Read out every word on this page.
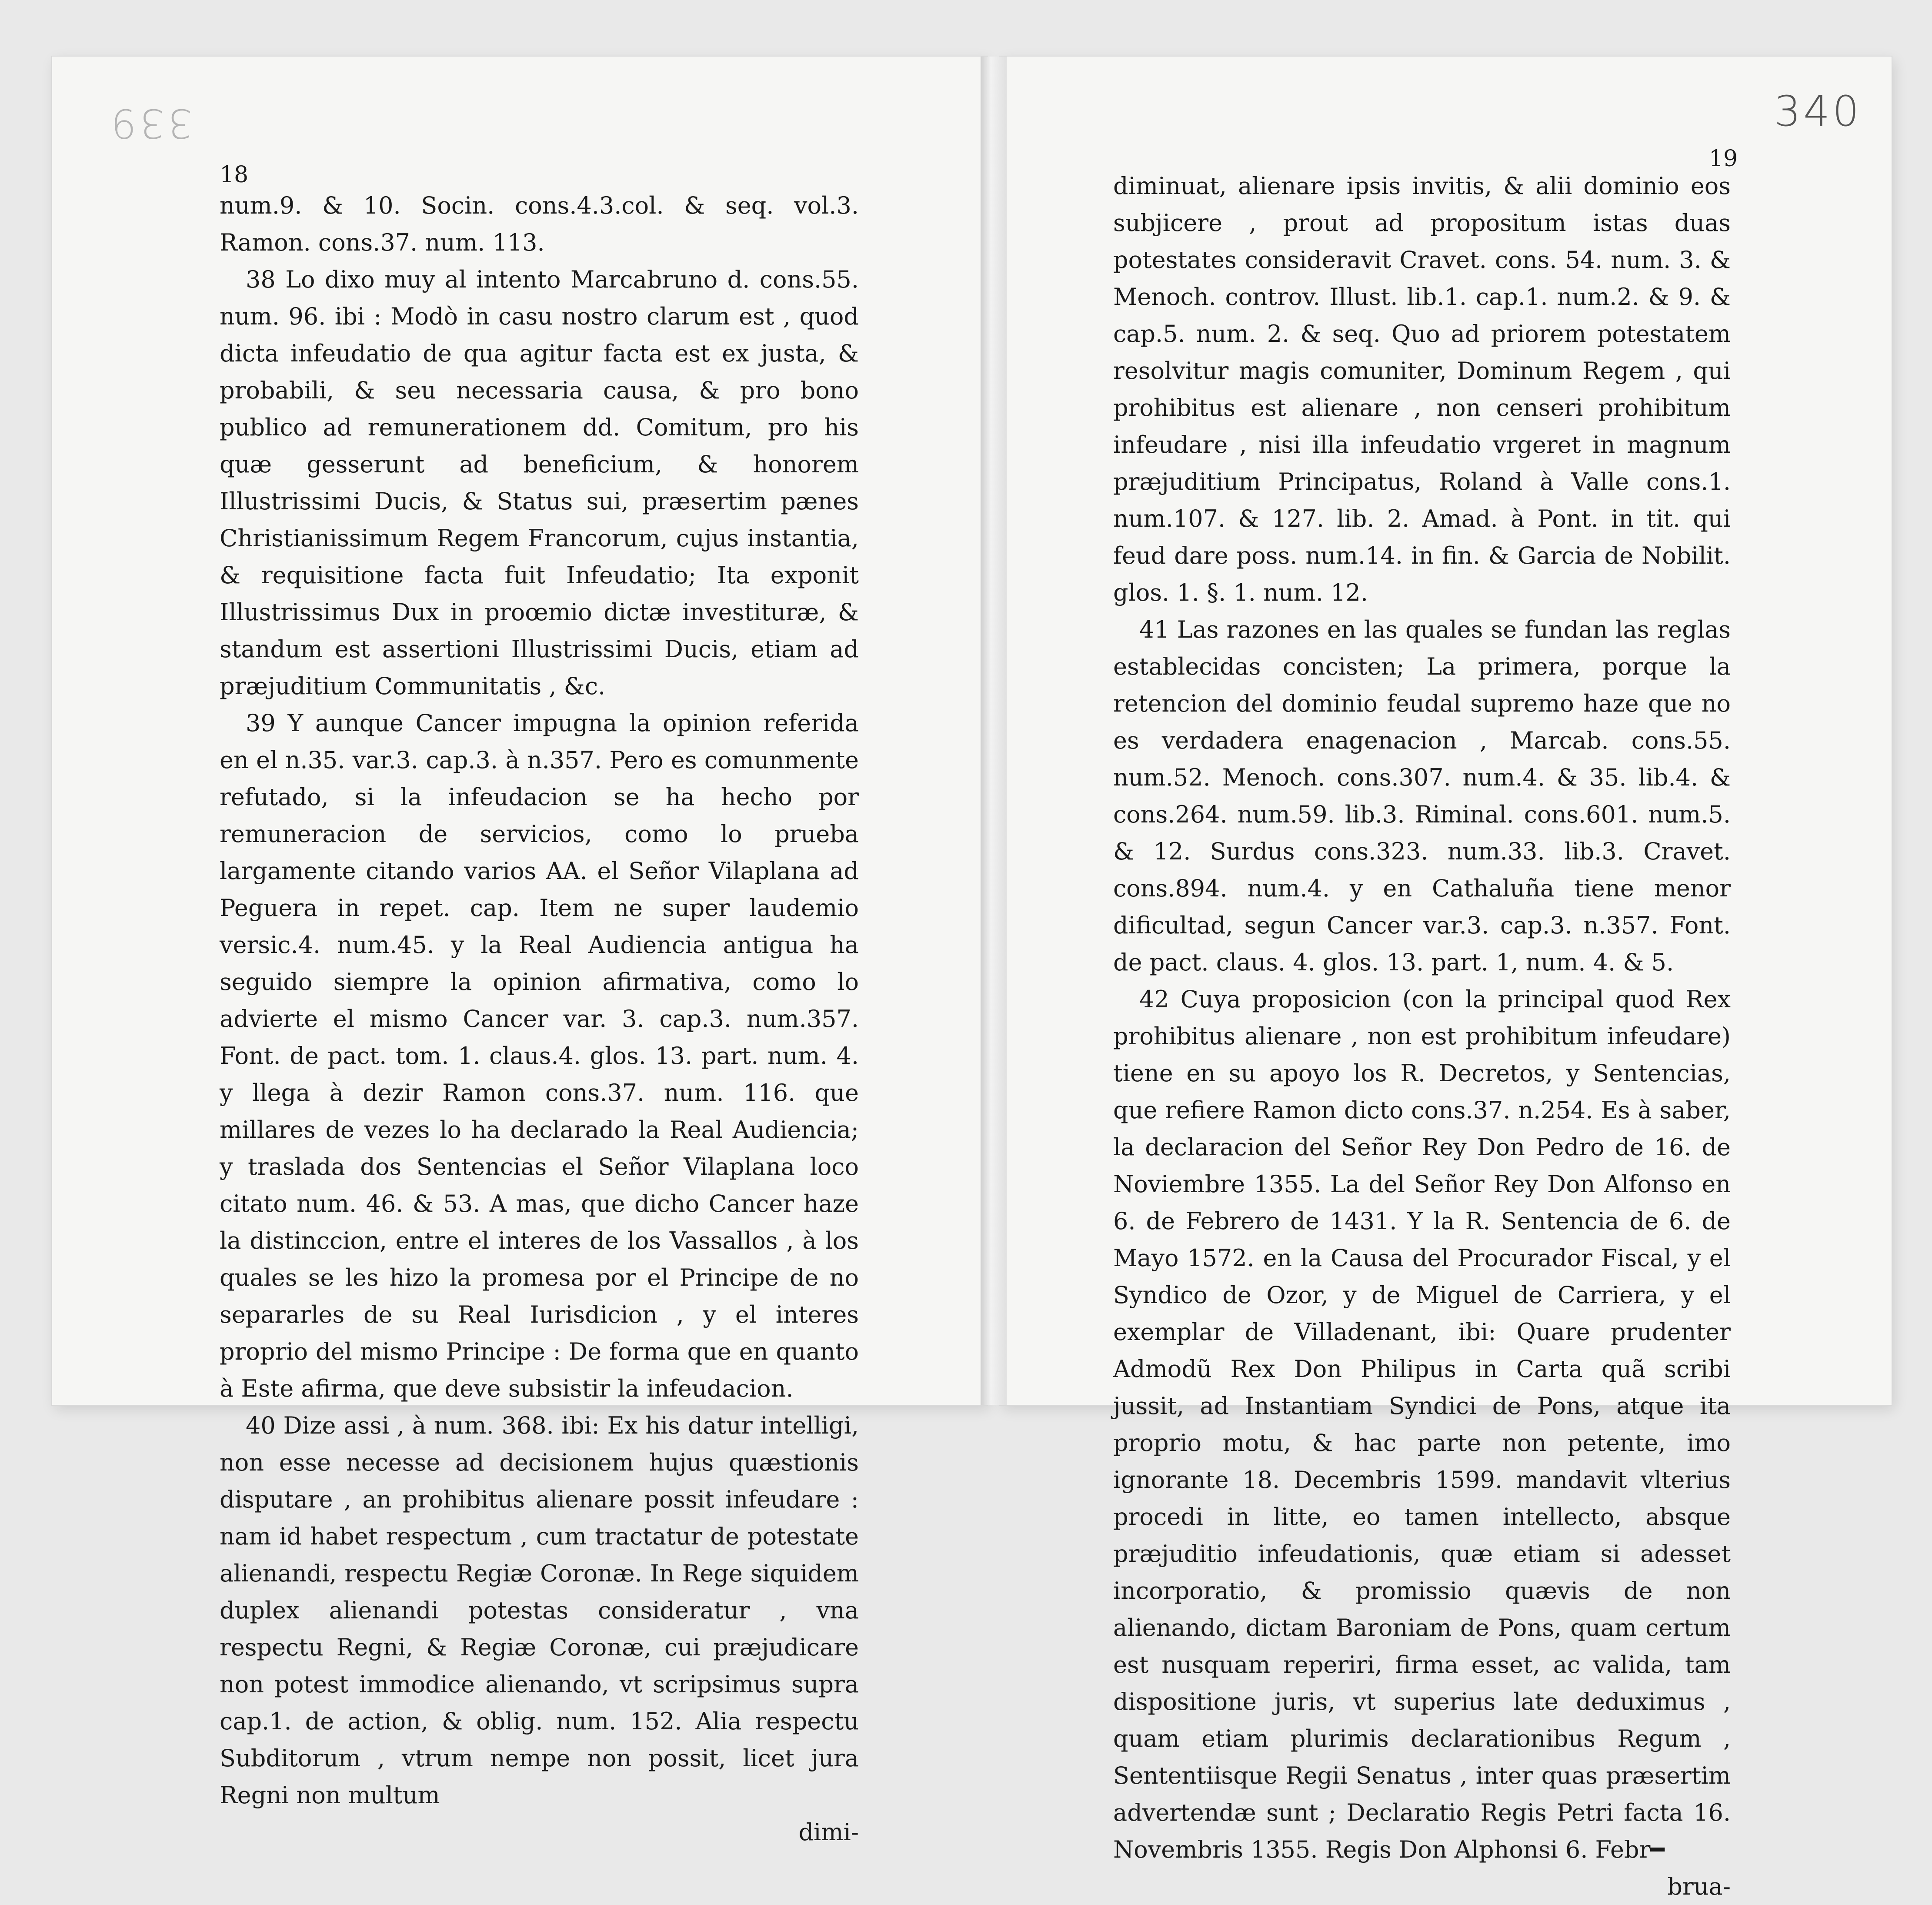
339	340
18
19

num.9. & 10. Socin. cons.4.3.col. & seq. vol.3. Ramon. cons.37. num. 113.

38 Lo dixo muy al intento Marcabruno d. cons.55. num. 96. ibi : Modò in casu nostro clarum est , quod dicta infeudatio de qua agitur facta est ex justa, & probabili, & seu necessaria causa, & pro bono publico ad remunerationem dd. Comitum, pro his quæ gesserunt ad beneficium, & honorem Illustrissimi Ducis, & Status sui, præsertim pænes Christianissimum Regem Francorum, cujus instantia, & requisitione facta fuit Infeudatio; Ita exponit Illustrissimus Dux in proœmio dictæ investituræ, & standum est assertioni Illustrissimi Ducis, etiam ad præjuditium Communitatis , &c.

39 Y aunque Cancer impugna la opinion referida en el n.35. var.3. cap.3. à n.357. Pero es comunmente refutado, si la infeudacion se ha hecho por remuneracion de servicios, como lo prueba largamente citando varios AA. el Señor Vilaplana ad Peguera in repet. cap. Item ne super laudemio versic.4. num.45. y la Real Audiencia antigua ha seguido siempre la opinion afirmativa, como lo advierte el mismo Cancer var. 3. cap.3. num.357. Font. de pact. tom. 1. claus.4. glos. 13. part. num. 4. y llega à dezir Ramon cons.37. num. 116. que millares de vezes lo ha declarado la Real Audiencia; y traslada dos Sentencias el Señor Vilaplana loco citato num. 46. & 53. A mas, que dicho Cancer haze la distinccion, entre el interes de los Vassallos , à los quales se les hizo la promesa por el Principe de no separarles de su Real Iurisdicion , y el interes proprio del mismo Principe : De forma que en quanto à Este afirma, que deve subsistir la infeudacion.

40 Dize assi , à num. 368. ibi: Ex his datur intelligi, non esse necesse ad decisionem hujus quæstionis disputare , an prohibitus alienare possit infeudare : nam id habet respectum , cum tractatur de potestate alienandi, respectu Regiæ Coronæ. In Rege siquidem duplex alienandi potestas consideratur , vna respectu Regni, & Regiæ Coronæ, cui præjudicare non potest immodice alienando, vt scripsimus supra cap.1. de action, & oblig. num. 152. Alia respectu Subditorum , vtrum nempe non possit, licet jura Regni non multum

dimi-

diminuat, alienare ipsis invitis, & alii dominio eos subjicere , prout ad propositum istas duas potestates consideravit Cravet. cons. 54. num. 3. & Menoch. controv. Illust. lib.1. cap.1. num.2. & 9. & cap.5. num. 2. & seq. Quo ad priorem potestatem resolvitur magis comuniter, Dominum Regem , qui prohibitus est alienare , non censeri prohibitum infeudare , nisi illa infeudatio vrgeret in magnum præjuditium Principatus, Roland à Valle cons.1. num.107. & 127. lib. 2. Amad. à Pont. in tit. qui feud dare poss. num.14. in fin. & Garcia de Nobilit. glos. 1. §. 1. num. 12.

41 Las razones en las quales se fundan las reglas establecidas concisten; La primera, porque la retencion del dominio feudal supremo haze que no es verdadera enagenacion , Marcab. cons.55. num.52. Menoch. cons.307. num.4. & 35. lib.4. & cons.264. num.59. lib.3. Riminal. cons.601. num.5. & 12. Surdus cons.323. num.33. lib.3. Cravet. cons.894. num.4. y en Cathaluña tiene menor dificultad, segun Cancer var.3. cap.3. n.357. Font. de pact. claus. 4. glos. 13. part. 1, num. 4. & 5.

42 Cuya proposicion (con la principal quod Rex prohibitus alienare , non est prohibitum infeudare) tiene en su apoyo los R. Decretos, y Sentencias, que refiere Ramon dicto cons.37. n.254. Es à saber, la declaracion del Señor Rey Don Pedro de 16. de Noviembre 1355. La del Señor Rey Don Alfonso en 6. de Febrero de 1431. Y la R. Sentencia de 6. de Mayo 1572. en la Causa del Procurador Fiscal, y el Syndico de Ozor, y de Miguel de Carriera, y el exemplar de Villadenant, ibi: Quare prudenter Admodũ Rex Don Philipus in Carta quã scribi jussit, ad Instantiam Syndici de Pons, atque ita proprio motu, & hac parte non petente, imo ignorante 18. Decembris 1599. mandavit vlterius procedi in litte, eo tamen intellecto, absque præjuditio infeudationis, quæ etiam si adesset incorporatio, & promissio quævis de non alienando, dictam Baroniam de Pons, quam certum est nusquam reperiri, firma esset, ac valida, tam dispositione juris, vt superius late deduximus , quam etiam plurimis declarationibus Regum , Sententiisque Regii Senatus , inter quas præsertim advertendæ sunt ; Declaratio Regis Petri facta 16. Novembris 1355. Regis Don Alphonsi 6. Febr━

brua-
